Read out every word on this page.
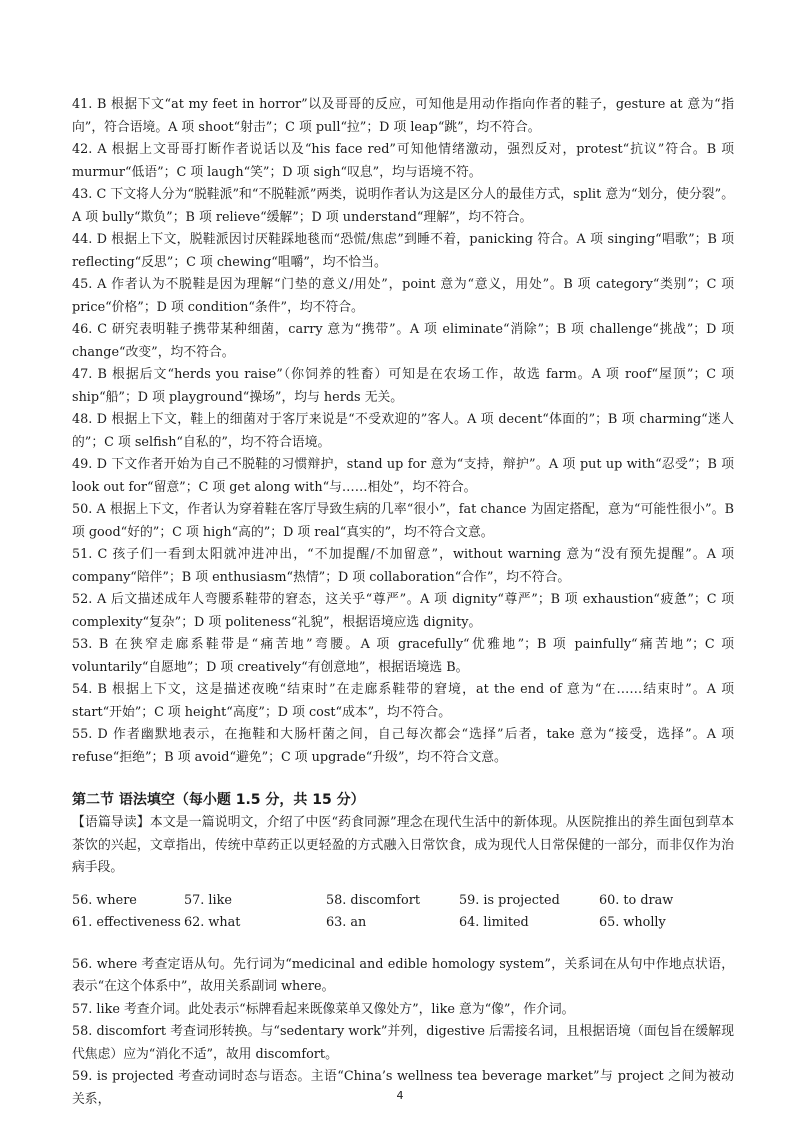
41. B 根据下文“at my feet in horror”以及哥哥的反应，可知他是用动作指向作者的鞋子，gesture at 意为“指向”，符合语境。A 项 shoot“射击”；C 项 pull“拉”；D 项 leap“跳”，均不符合。

42. A 根据上文哥哥打断作者说话以及“his face red”可知他情绪激动，强烈反对，protest“抗议”符合。B 项 murmur“低语”；C 项 laugh“笑”；D 项 sigh“叹息”，均与语境不符。

43. C 下文将人分为“脱鞋派”和“不脱鞋派”两类，说明作者认为这是区分人的最佳方式，split 意为“划分，使分裂”。A 项 bully“欺负”；B 项 relieve“缓解”；D 项 understand“理解”，均不符合。

44. D 根据上下文，脱鞋派因讨厌鞋踩地毯而“恐慌/焦虑”到睡不着，panicking 符合。A 项 singing“唱歌”；B 项 reflecting“反思”；C 项 chewing“咀嚼”，均不恰当。

45. A 作者认为不脱鞋是因为理解“门垫的意义/用处”，point 意为“意义，用处”。B 项 category“类别”；C 项 price“价格”；D 项 condition“条件”，均不符合。

46. C 研究表明鞋子携带某种细菌，carry 意为“携带”。A 项 eliminate“消除”；B 项 challenge“挑战”；D 项 change“改变”，均不符合。

47. B 根据后文“herds you raise”（你饲养的牲畜）可知是在农场工作，故选 farm。A 项 roof“屋顶”；C 项 ship“船”；D 项 playground“操场”，均与 herds 无关。

48. D 根据上下文，鞋上的细菌对于客厅来说是“不受欢迎的”客人。A 项 decent“体面的”；B 项 charming“迷人的”；C 项 selfish“自私的”，均不符合语境。

49. D 下文作者开始为自己不脱鞋的习惯辩护，stand up for 意为“支持，辩护”。A 项 put up with“忍受”；B 项 look out for“留意”；C 项 get along with“与……相处”，均不符合。

50. A 根据上下文，作者认为穿着鞋在客厅导致生病的几率“很小”，fat chance 为固定搭配，意为“可能性很小”。B 项 good“好的”；C 项 high“高的”；D 项 real“真实的”，均不符合文意。

51. C 孩子们一看到太阳就冲进冲出，“不加提醒/不加留意”，without warning 意为“没有预先提醒”。A 项 company“陪伴”；B 项 enthusiasm“热情”；D 项 collaboration“合作”，均不符合。

52. A 后文描述成年人弯腰系鞋带的窘态，这关乎“尊严”。A 项 dignity“尊严”；B 项 exhaustion“疲惫”；C 项 complexity“复杂”；D 项 politeness“礼貌”，根据语境应选 dignity。

53. B 在狭窄走廊系鞋带是“痛苦地”弯腰。A 项 gracefully“优雅地”；B 项 painfully“痛苦地”；C 项 voluntarily“自愿地”；D 项 creatively“有创意地”，根据语境选 B。

54. B 根据上下文，这是描述夜晚“结束时”在走廊系鞋带的窘境，at the end of 意为“在……结束时”。A 项 start“开始”；C 项 height“高度”；D 项 cost“成本”，均不符合。

55. D 作者幽默地表示，在拖鞋和大肠杆菌之间，自己每次都会“选择”后者，take 意为“接受，选择”。A 项 refuse“拒绝”；B 项 avoid“避免”；C 项 upgrade“升级”，均不符合文意。

第二节 语法填空（每小题 1.5 分，共 15 分）

【语篇导读】本文是一篇说明文，介绍了中医“药食同源”理念在现代生活中的新体现。从医院推出的养生面包到草本茶饮的兴起，文章指出，传统中草药正以更轻盈的方式融入日常饮食，成为现代人日常保健的一部分，而非仅作为治病手段。

56. where	57. like	58. discomfort	59. is projected	60. to draw
61. effectiveness 62. what	63. an	64. limited	65. wholly

56. where 考查定语从句。先行词为“medicinal and edible homology system”，关系词在从句中作地点状语，表示“在这个体系中”，故用关系副词 where。

57. like 考查介词。此处表示“标牌看起来既像菜单又像处方”，like 意为“像”，作介词。

58. discomfort 考查词形转换。与“sedentary work”并列，digestive 后需接名词，且根据语境（面包旨在缓解现代焦虑）应为“消化不适”，故用 discomfort。

59. is projected 考查动词时态与语态。主语“China’s wellness tea beverage market”与 project 之间为被动关系，	4
